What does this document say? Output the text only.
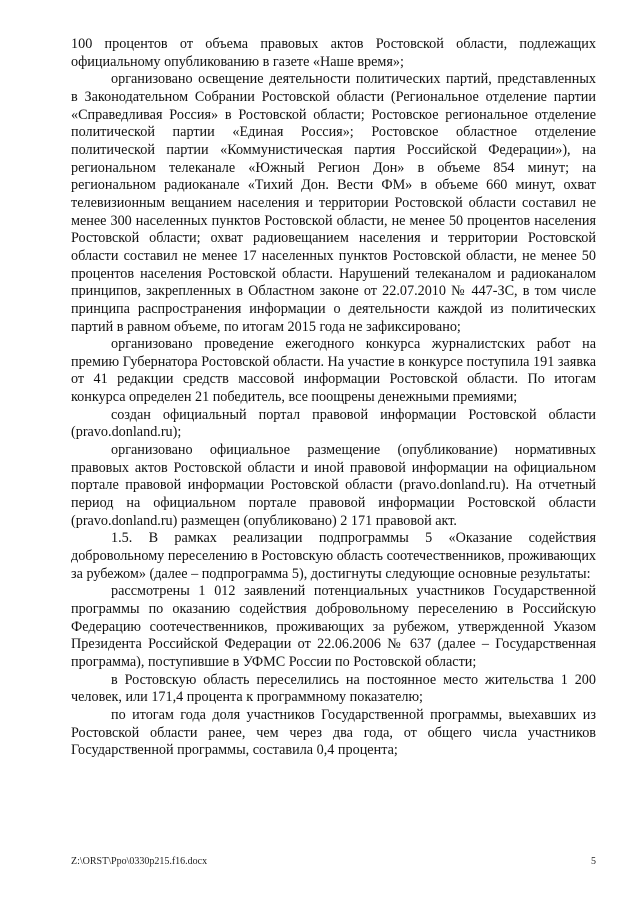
100 процентов от объема правовых актов Ростовской области, подлежащих официальному опубликованию в газете «Наше время»;

организовано освещение деятельности политических партий, представленных в Законодательном Собрании Ростовской области (Региональное отделение партии «Справедливая Россия» в Ростовской области; Ростовское региональное отделение политической партии «Единая Россия»; Ростовское областное отделение политической партии «Коммунистическая партия Российской Федерации»), на региональном телеканале «Южный Регион Дон» в объеме 854 минут; на региональном радиоканале «Тихий Дон. Вести ФМ» в объеме 660 минут, охват телевизионным вещанием населения и территории Ростовской области составил не менее 300 населенных пунктов Ростовской области, не менее 50 процентов населения Ростовской области; охват радиовещанием населения и территории Ростовской области составил не менее 17 населенных пунктов Ростовской области, не менее 50 процентов населения Ростовской области. Нарушений телеканалом и радиоканалом принципов, закрепленных в Областном законе от 22.07.2010 № 447-ЗС, в том числе принципа распространения информации о деятельности каждой из политических партий в равном объеме, по итогам 2015 года не зафиксировано;

организовано проведение ежегодного конкурса журналистских работ на премию Губернатора Ростовской области. На участие в конкурсе поступила 191 заявка от 41 редакции средств массовой информации Ростовской области. По итогам конкурса определен 21 победитель, все поощрены денежными премиями;

создан официальный портал правовой информации Ростовской области (pravo.donland.ru);

организовано официальное размещение (опубликование) нормативных правовых актов Ростовской области и иной правовой информации на официальном портале правовой информации Ростовской области (pravo.donland.ru). На отчетный период на официальном портале правовой информации Ростовской области (pravo.donland.ru) размещен (опубликовано) 2 171 правовой акт.

1.5. В рамках реализации подпрограммы 5 «Оказание содействия добровольному переселению в Ростовскую область соотечественников, проживающих за рубежом» (далее – подпрограмма 5), достигнуты следующие основные результаты:

рассмотрены 1 012 заявлений потенциальных участников Государственной программы по оказанию содействия добровольному переселению в Российскую Федерацию соотечественников, проживающих за рубежом, утвержденной Указом Президента Российской Федерации от 22.06.2006 № 637 (далее – Государственная программа), поступившие в УФМС России по Ростовской области;

в Ростовскую область переселились на постоянное место жительства 1 200 человек, или 171,4 процента к программному показателю;

по итогам года доля участников Государственной программы, выехавших из Ростовской области ранее, чем через два года, от общего числа участников Государственной программы, составила 0,4 процента;

Z:\ORST\Ppo\0330p215.f16.docx	5
